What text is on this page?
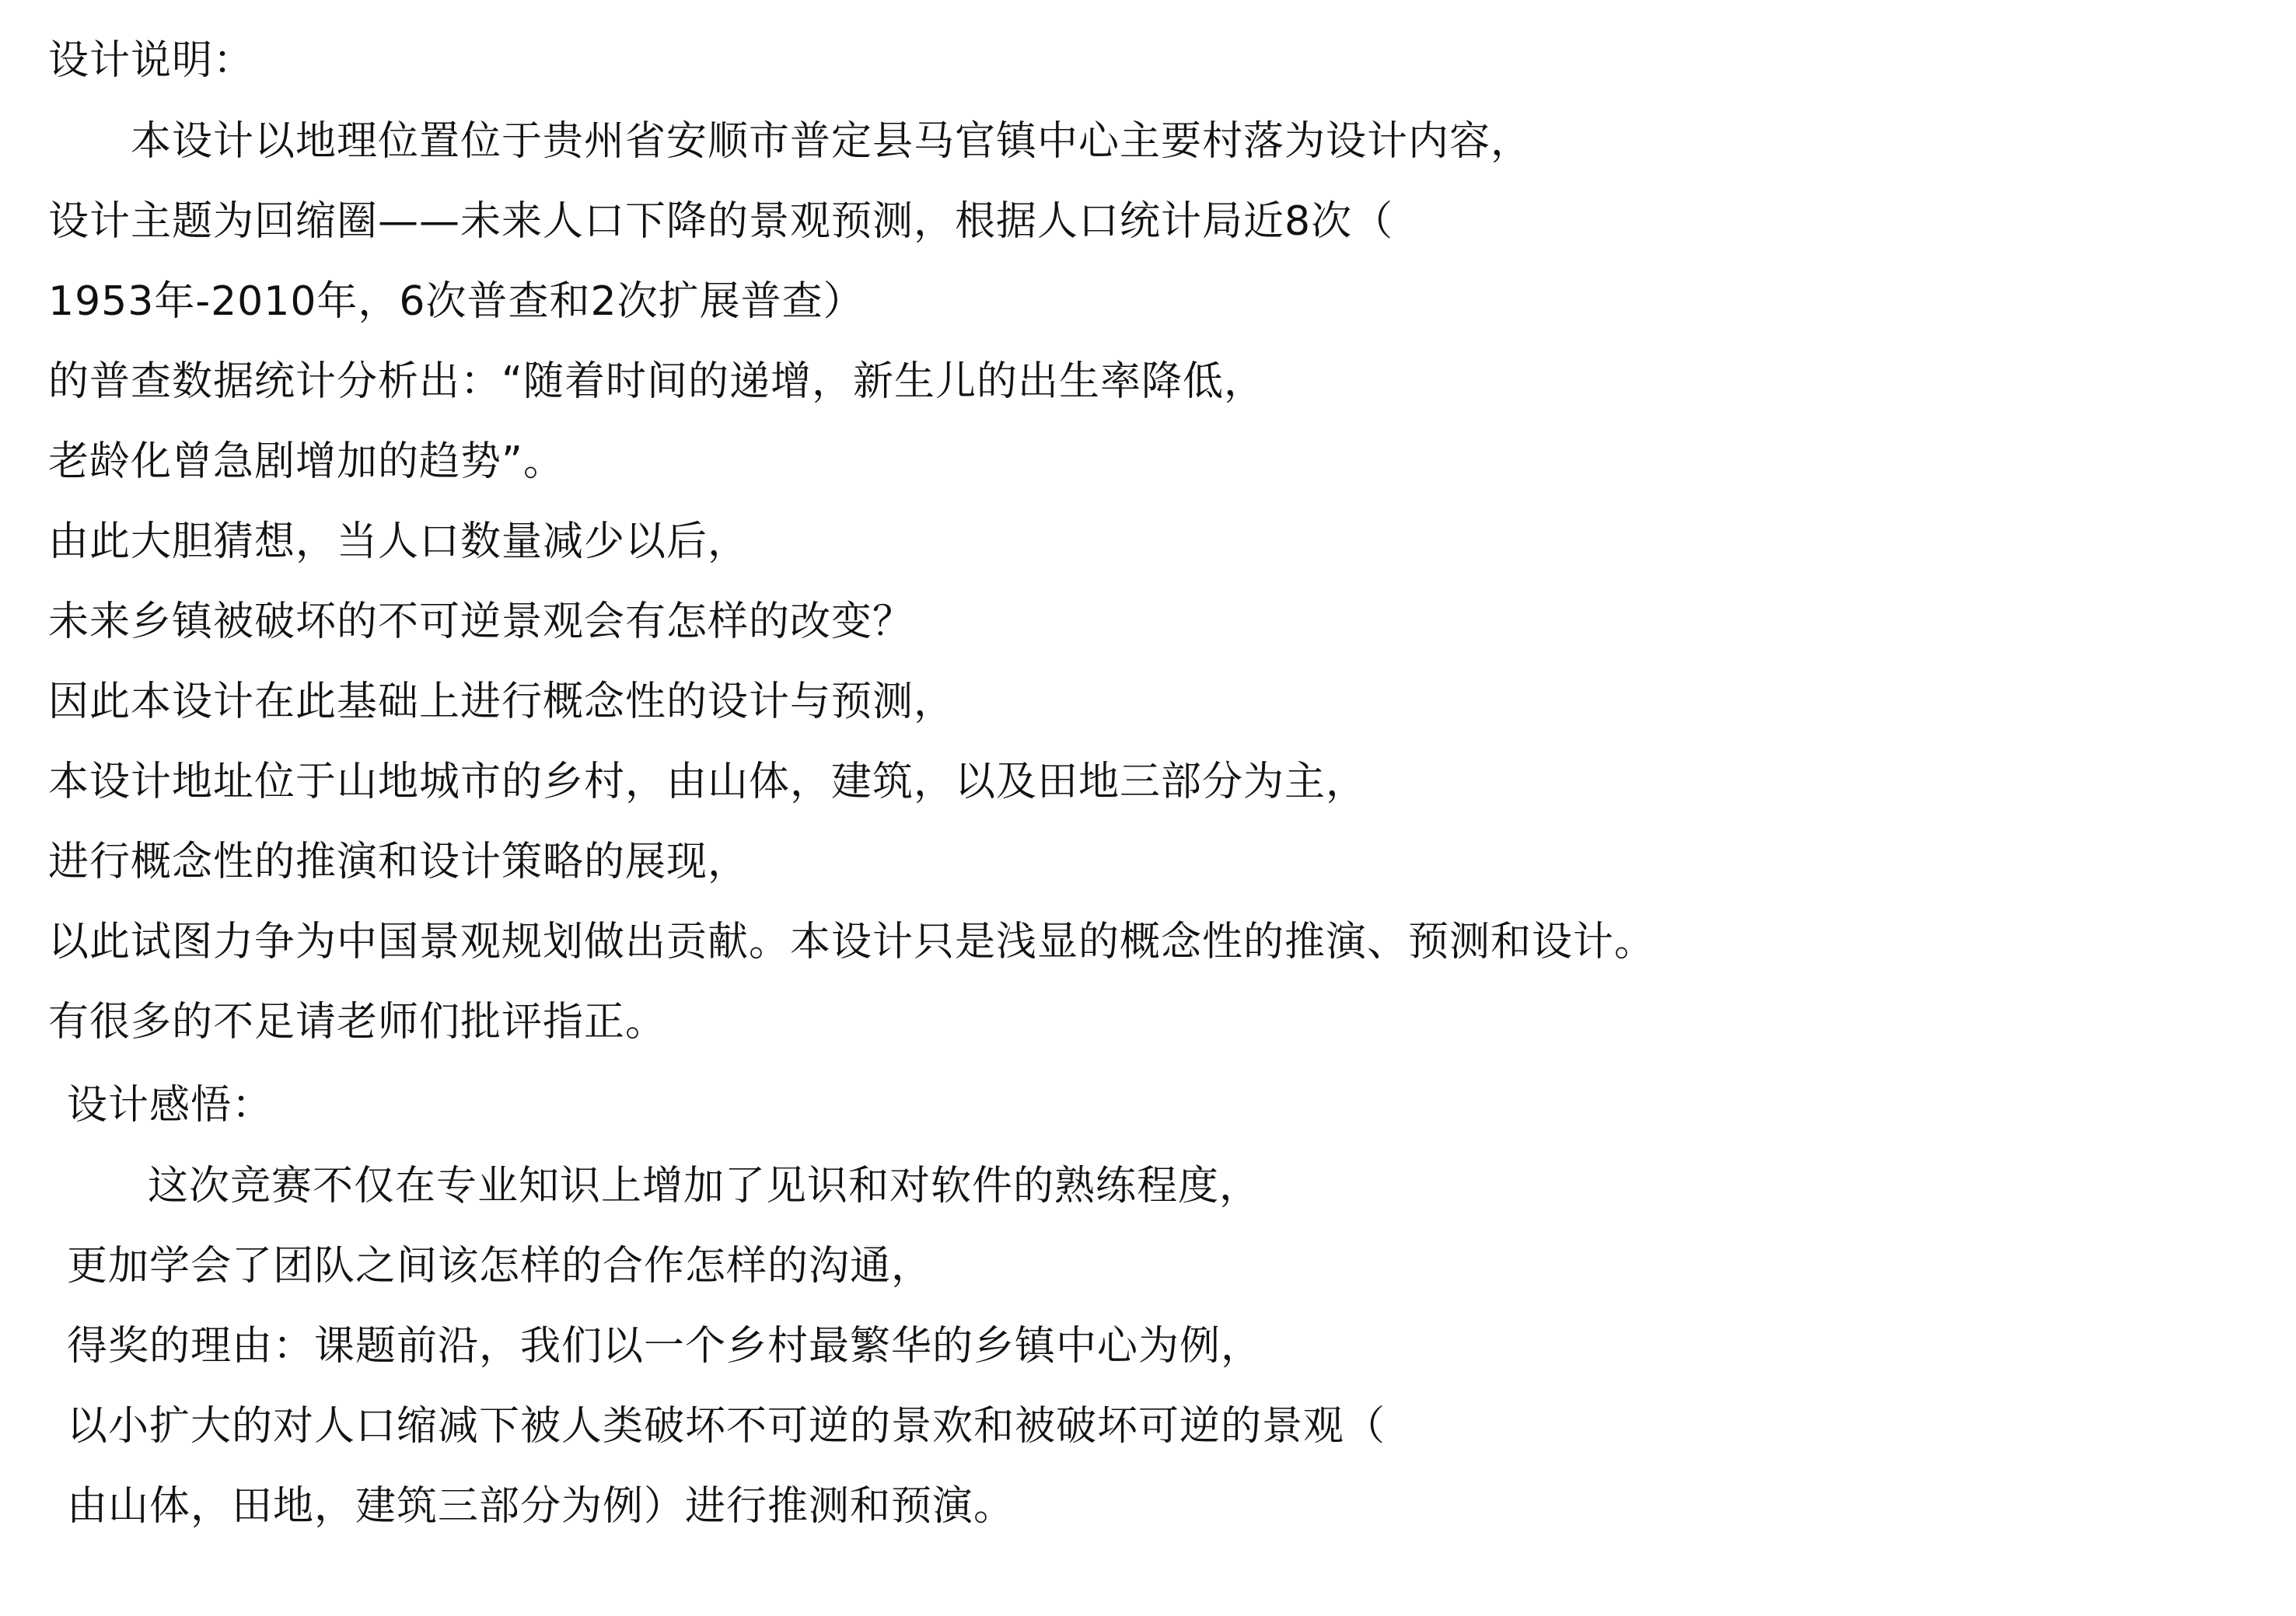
设计说明：
本设计以地理位置位于贵州省安顺市普定县马官镇中心主要村落为设计内容，
设计主题为回缩圈——未来人口下降的景观预测，根据人口统计局近8次（
1953年-2010年，6次普查和2次扩展普查）
的普查数据统计分析出：“随着时间的递增，新生儿的出生率降低，
老龄化曾急剧增加的趋势”。
由此大胆猜想，当人口数量减少以后，
未来乡镇被破坏的不可逆景观会有怎样的改变？
因此本设计在此基础上进行概念性的设计与预测，
本设计地址位于山地城市的乡村，由山体，建筑，以及田地三部分为主，
进行概念性的推演和设计策略的展现，
以此试图力争为中国景观规划做出贡献。本设计只是浅显的概念性的推演、预测和设计。
有很多的不足请老师们批评指正。
设计感悟：
这次竞赛不仅在专业知识上增加了见识和对软件的熟练程度，
更加学会了团队之间该怎样的合作怎样的沟通，
得奖的理由：课题前沿，我们以一个乡村最繁华的乡镇中心为例，
以小扩大的对人口缩减下被人类破坏不可逆的景欢和被破坏可逆的景观（
由山体，田地，建筑三部分为例）进行推测和预演。
